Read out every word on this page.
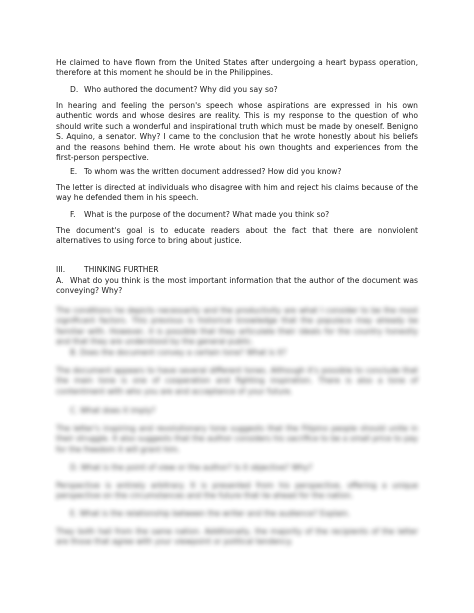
He claimed to have flown from the United States after undergoing a heart bypass operation, therefore at this moment he should be in the Philippines.

D. Who authored the document? Why did you say so?

In hearing and feeling the person's speech whose aspirations are expressed in his own authentic words and whose desires are reality. This is my response to the question of who should write such a wonderful and inspirational truth which must be made by oneself. Benigno S. Aquino, a senator. Why? I came to the conclusion that he wrote honestly about his beliefs and the reasons behind them. He wrote about his own thoughts and experiences from the first-person perspective.

E. To whom was the written document addressed? How did you know?

The letter is directed at individuals who disagree with him and reject his claims because of the way he defended them in his speech.

F. What is the purpose of the document? What made you think so?

The document's goal is to educate readers about the fact that there are nonviolent alternatives to using force to bring about justice.

III. THINKING FURTHER

A. What do you think is the most important information that the author of the document was conveying? Why?

The conditions he depicts necessarily and the productivity are what I consider to be the most significant factors. This previous is historical knowledge that the populace may already be familiar with. However, it is possible that they articulate their ideals for the country honestly and that they are understood by the general public.

B. Does the document convey a certain tone? What is it?

The document appears to have several different tones. Although it's possible to conclude that the main tone is one of cooperation and fighting inspiration. There is also a tone of contentment with who you are and acceptance of your future.

C. What does it imply?

The letter's inspiring and revolutionary tone suggests that the Filipino people should unite in their struggle. It also suggests that the author considers his sacrifice to be a small price to pay for the freedom it will grant him.

D. What is the point of view or the author? Is it objective? Why?

Perspective is entirely arbitrary. It is presented from his perspective, offering a unique perspective on the circumstances and the future that lie ahead for the nation.

E. What is the relationship between the writer and the audience? Explain.

They both hail from the same nation. Additionally, the majority of the recipients of the letter are those that agree with your viewpoint or political tendency.
